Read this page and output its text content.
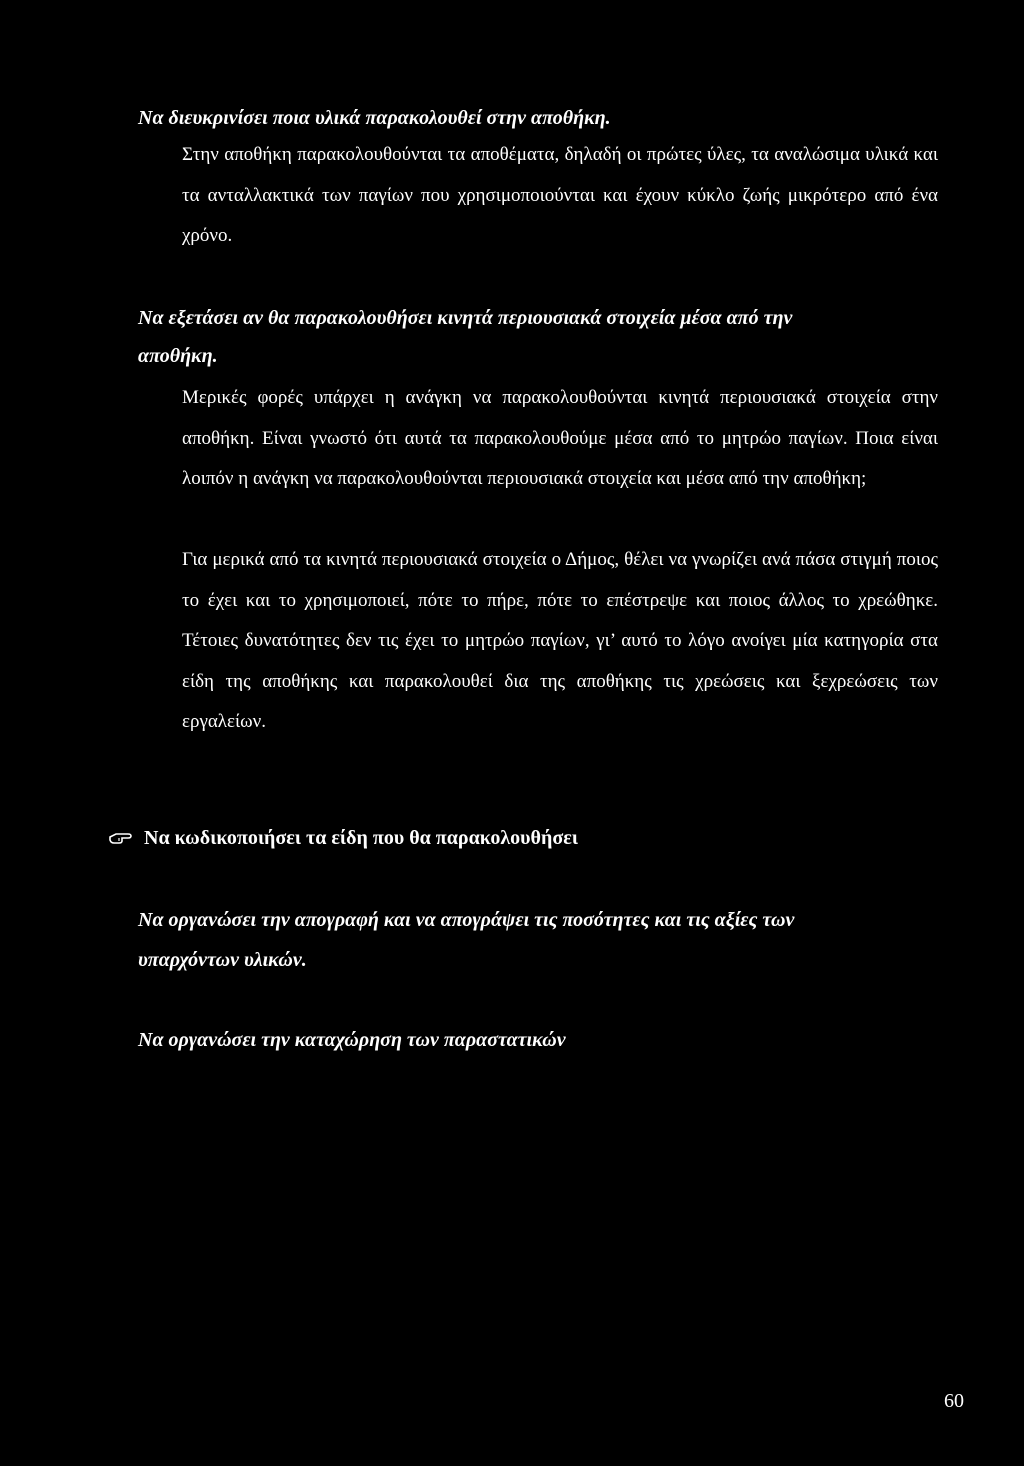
Να διευκρινίσει ποια υλικά παρακολουθεί στην αποθήκη.

Στην αποθήκη παρακολουθούνται τα αποθέματα, δηλαδή οι πρώτες ύλες, τα αναλώσιμα υλικά και τα ανταλλακτικά των παγίων που χρησιμοποιούνται και έχουν κύκλο ζωής μικρότερο από ένα χρόνο.

Να εξετάσει αν θα παρακολουθήσει κινητά περιουσιακά στοιχεία μέσα από την

αποθήκη.

Μερικές φορές υπάρχει η ανάγκη να παρακολουθούνται κινητά περιουσιακά στοιχεία στην αποθήκη. Είναι γνωστό ότι αυτά τα παρακολουθούμε μέσα από το μητρώο παγίων. Ποια είναι λοιπόν η ανάγκη να παρακολουθούνται περιουσιακά στοιχεία και μέσα από την αποθήκη;

Για μερικά από τα κινητά περιουσιακά στοιχεία ο Δήμος, θέλει να γνωρίζει ανά πάσα στιγμή ποιος το έχει και το χρησιμοποιεί, πότε το πήρε, πότε το επέστρεψε και ποιος άλλος το χρεώθηκε. Τέτοιες δυνατότητες δεν τις έχει το μητρώο παγίων, γι’ αυτό το λόγο ανοίγει μία κατηγορία στα είδη της αποθήκης και παρακολουθεί δια της αποθήκης τις χρεώσεις και ξεχρεώσεις των εργαλείων.

Να κωδικοποιήσει τα είδη που θα παρακολουθήσει

Να οργανώσει την απογραφή και να απογράψει τις ποσότητες και τις αξίες των

υπαρχόντων υλικών.

Να οργανώσει την καταχώρηση των παραστατικών

60
